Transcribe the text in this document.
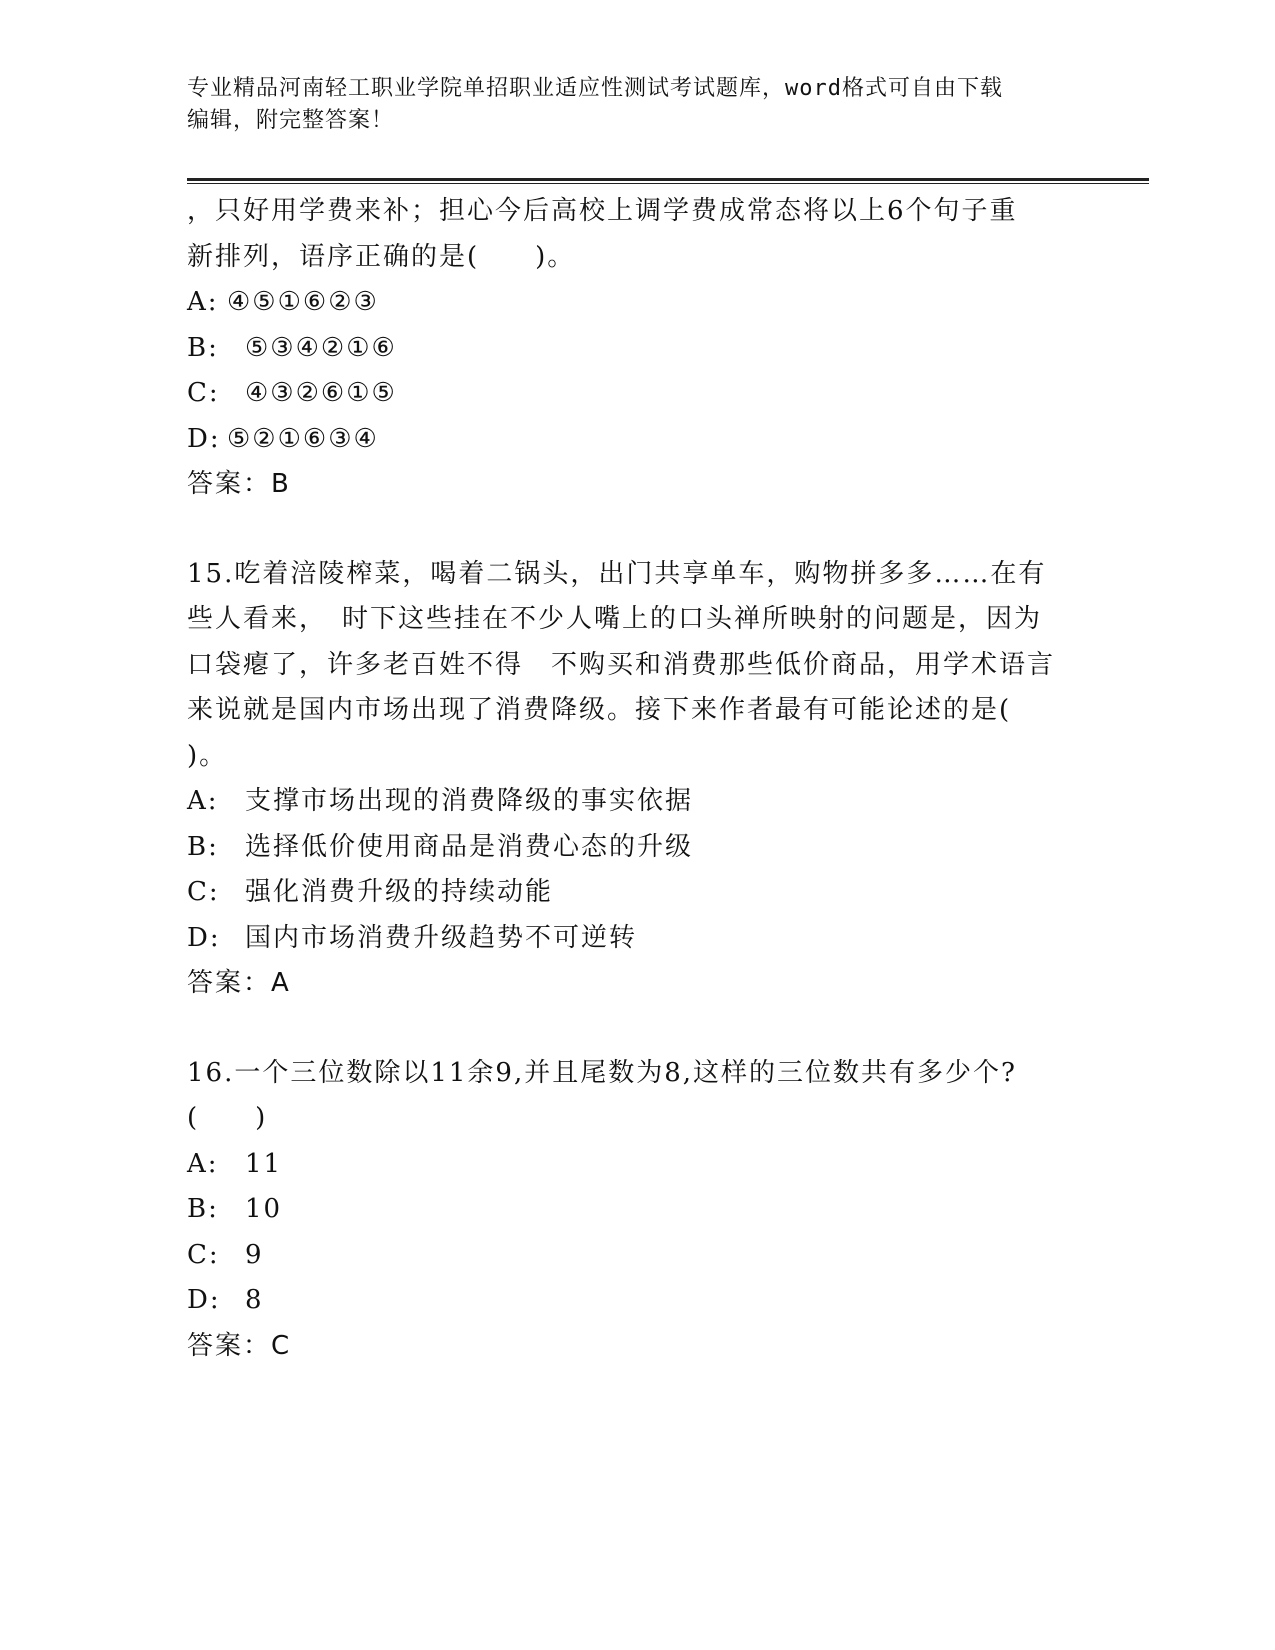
专业精品河南轻工职业学院单招职业适应性测试考试题库，word格式可自由下载
编辑，附完整答案！
，只好用学费来补；担心今后高校上调学费成常态将以上6个句子重
新排列，语序正确的是(　　)。
A: ④⑤①⑥②③
B: ⑤③④②①⑥
C: ④③②⑥①⑤
D: ⑤②①⑥③④
答案：B
15.吃着涪陵榨菜，喝着二锅头，出门共享单车，购物拼多多……在有
些人看来，　时下这些挂在不少人嘴上的口头禅所映射的问题是，因为
口袋瘪了，许多老百姓不得　不购买和消费那些低价商品，用学术语言
来说就是国内市场出现了消费降级。接下来作者最有可能论述的是(
)。
A: 支撑市场出现的消费降级的事实依据
B: 选择低价使用商品是消费心态的升级
C: 强化消费升级的持续动能
D: 国内市场消费升级趋势不可逆转
答案：A
16.一个三位数除以11余9,并且尾数为8,这样的三位数共有多少个?
(　　)
A: 11
B: 10
C: 9
D: 8
答案：C
